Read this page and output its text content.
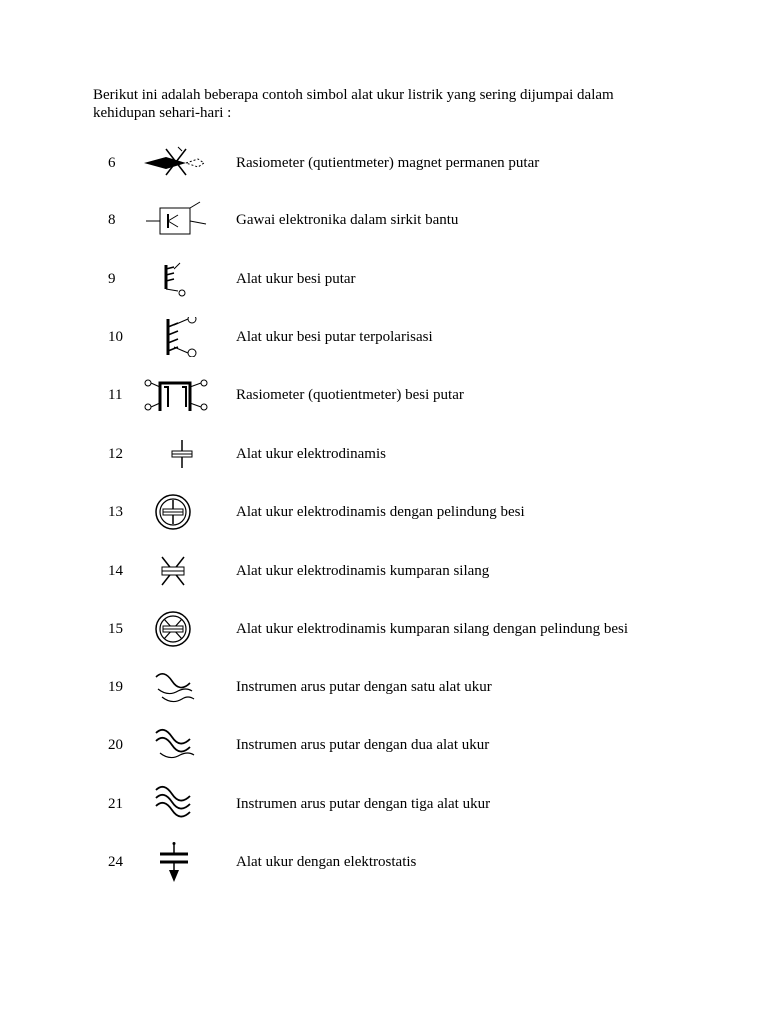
Berikut ini adalah beberapa contoh simbol alat ukur listrik yang sering dijumpai dalam
kehidupan sehari-hari :
6	Rasiometer (qutientmeter) magnet permanen putar
8	Gawai elektronika dalam sirkit bantu
9	Alat ukur besi putar
10	Alat ukur besi putar terpolarisasi
11	Rasiometer (quotientmeter) besi putar
12	Alat ukur elektrodinamis
13	Alat ukur elektrodinamis dengan pelindung besi
14	Alat ukur elektrodinamis kumparan silang
15	Alat ukur elektrodinamis kumparan silang dengan pelindung besi
19	Instrumen arus putar dengan satu alat ukur
20	Instrumen arus putar dengan dua alat ukur
21	Instrumen arus putar dengan tiga alat ukur
24	Alat ukur dengan elektrostatis
